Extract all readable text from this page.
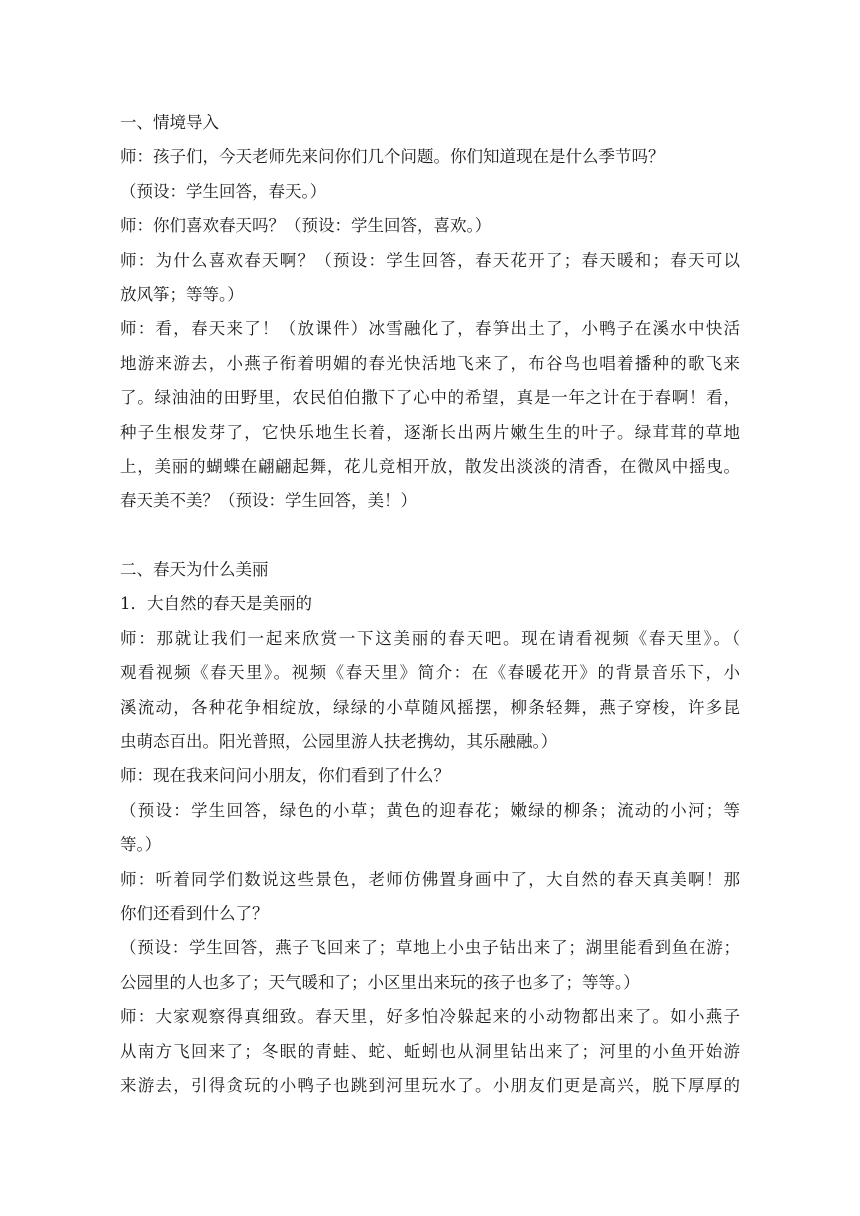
一、情境导入
师：孩子们，今天老师先来问你们几个问题。你们知道现在是什么季节吗？
（预设：学生回答，春天。）
师：你们喜欢春天吗？（预设：学生回答，喜欢。）
师：为什么喜欢春天啊？（预设：学生回答，春天花开了；春天暖和；春天可以
放风筝；等等。）
师：看，春天来了！（放课件）冰雪融化了，春笋出土了，小鸭子在溪水中快活
地游来游去，小燕子衔着明媚的春光快活地飞来了，布谷鸟也唱着播种的歌飞来
了。绿油油的田野里，农民伯伯撒下了心中的希望，真是一年之计在于春啊！看，
种子生根发芽了，它快乐地生长着，逐渐长出两片嫩生生的叶子。绿茸茸的草地
上，美丽的蝴蝶在翩翩起舞，花儿竞相开放，散发出淡淡的清香，在微风中摇曳。
春天美不美？（预设：学生回答，美！）
二、春天为什么美丽
1．大自然的春天是美丽的
师：那就让我们一起来欣赏一下这美丽的春天吧。现在请看视频《春天里》。（
观看视频《春天里》。视频《春天里》简介：在《春暖花开》的背景音乐下，小
溪流动，各种花争相绽放，绿绿的小草随风摇摆，柳条轻舞，燕子穿梭，许多昆
虫萌态百出。阳光普照，公园里游人扶老携幼，其乐融融。）
师：现在我来问问小朋友，你们看到了什么？
（预设：学生回答，绿色的小草；黄色的迎春花；嫩绿的柳条；流动的小河；等
等。）
师：听着同学们数说这些景色，老师仿佛置身画中了，大自然的春天真美啊！那
你们还看到什么了？
（预设：学生回答，燕子飞回来了；草地上小虫子钻出来了；湖里能看到鱼在游；
公园里的人也多了；天气暖和了；小区里出来玩的孩子也多了；等等。）
师：大家观察得真细致。春天里，好多怕冷躲起来的小动物都出来了。如小燕子
从南方飞回来了；冬眠的青蛙、蛇、蚯蚓也从洞里钻出来了；河里的小鱼开始游
来游去，引得贪玩的小鸭子也跳到河里玩水了。小朋友们更是高兴，脱下厚厚的
